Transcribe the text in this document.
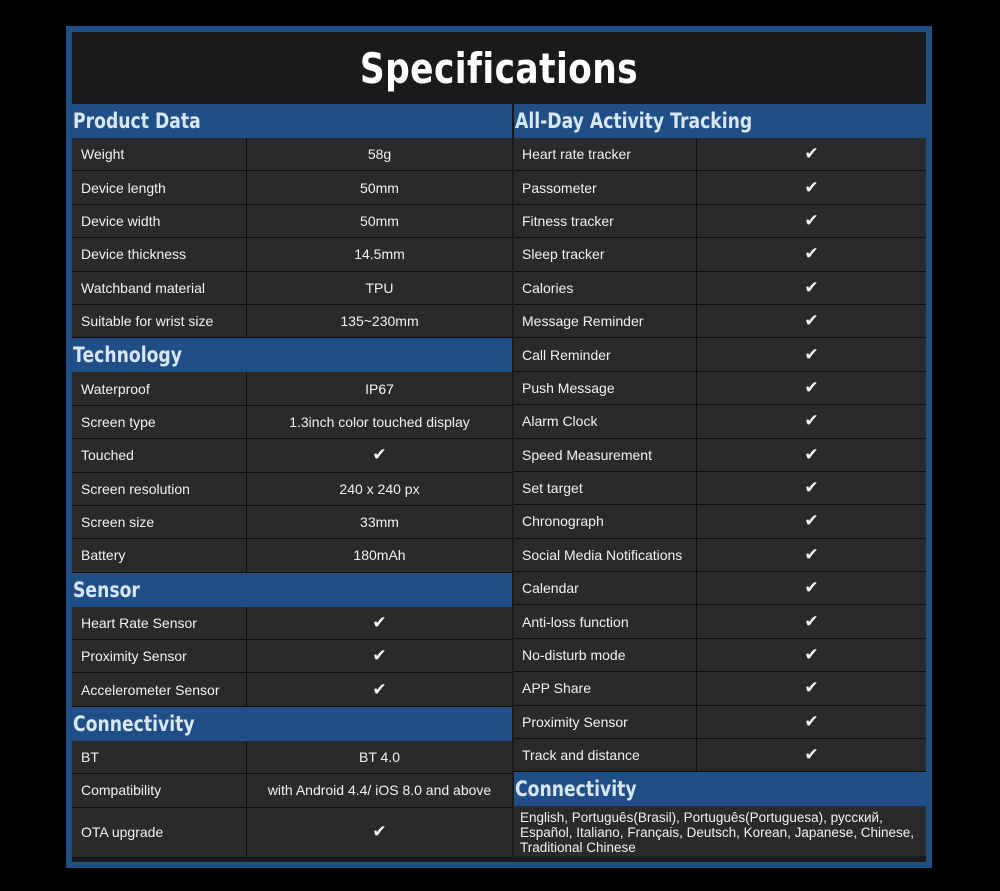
Specifications
Product Data
Weight	58g
Device length	50mm
Device width	50mm
Device thickness	14.5mm
Watchband material	TPU
Suitable for wrist size	135~230mm
Technology
Waterproof	IP67
Screen type	1.3inch color touched display
Touched	✔
Screen resolution	240 x 240 px
Screen size	33mm
Battery	180mAh
Sensor
Heart Rate Sensor	✔
Proximity Sensor	✔
Accelerometer Sensor	✔
Connectivity
BT	BT 4.0
Compatibility	with Android 4.4/ iOS 8.0 and above
OTA upgrade	✔
All-Day Activity Tracking
Heart rate tracker	✔
Passometer	✔
Fitness tracker	✔
Sleep tracker	✔
Calories	✔
Message Reminder	✔
Call Reminder	✔
Push Message	✔
Alarm Clock	✔
Speed Measurement	✔
Set target	✔
Chronograph	✔
Social Media Notifications	✔
Calendar	✔
Anti-loss function	✔
No-disturb mode	✔
APP Share	✔
Proximity Sensor	✔
Track and distance	✔
Connectivity
English, Português(Brasil), Português(Portuguesa), русский,
Español, Italiano, Français, Deutsch, Korean, Japanese, Chinese,
Traditional Chinese
